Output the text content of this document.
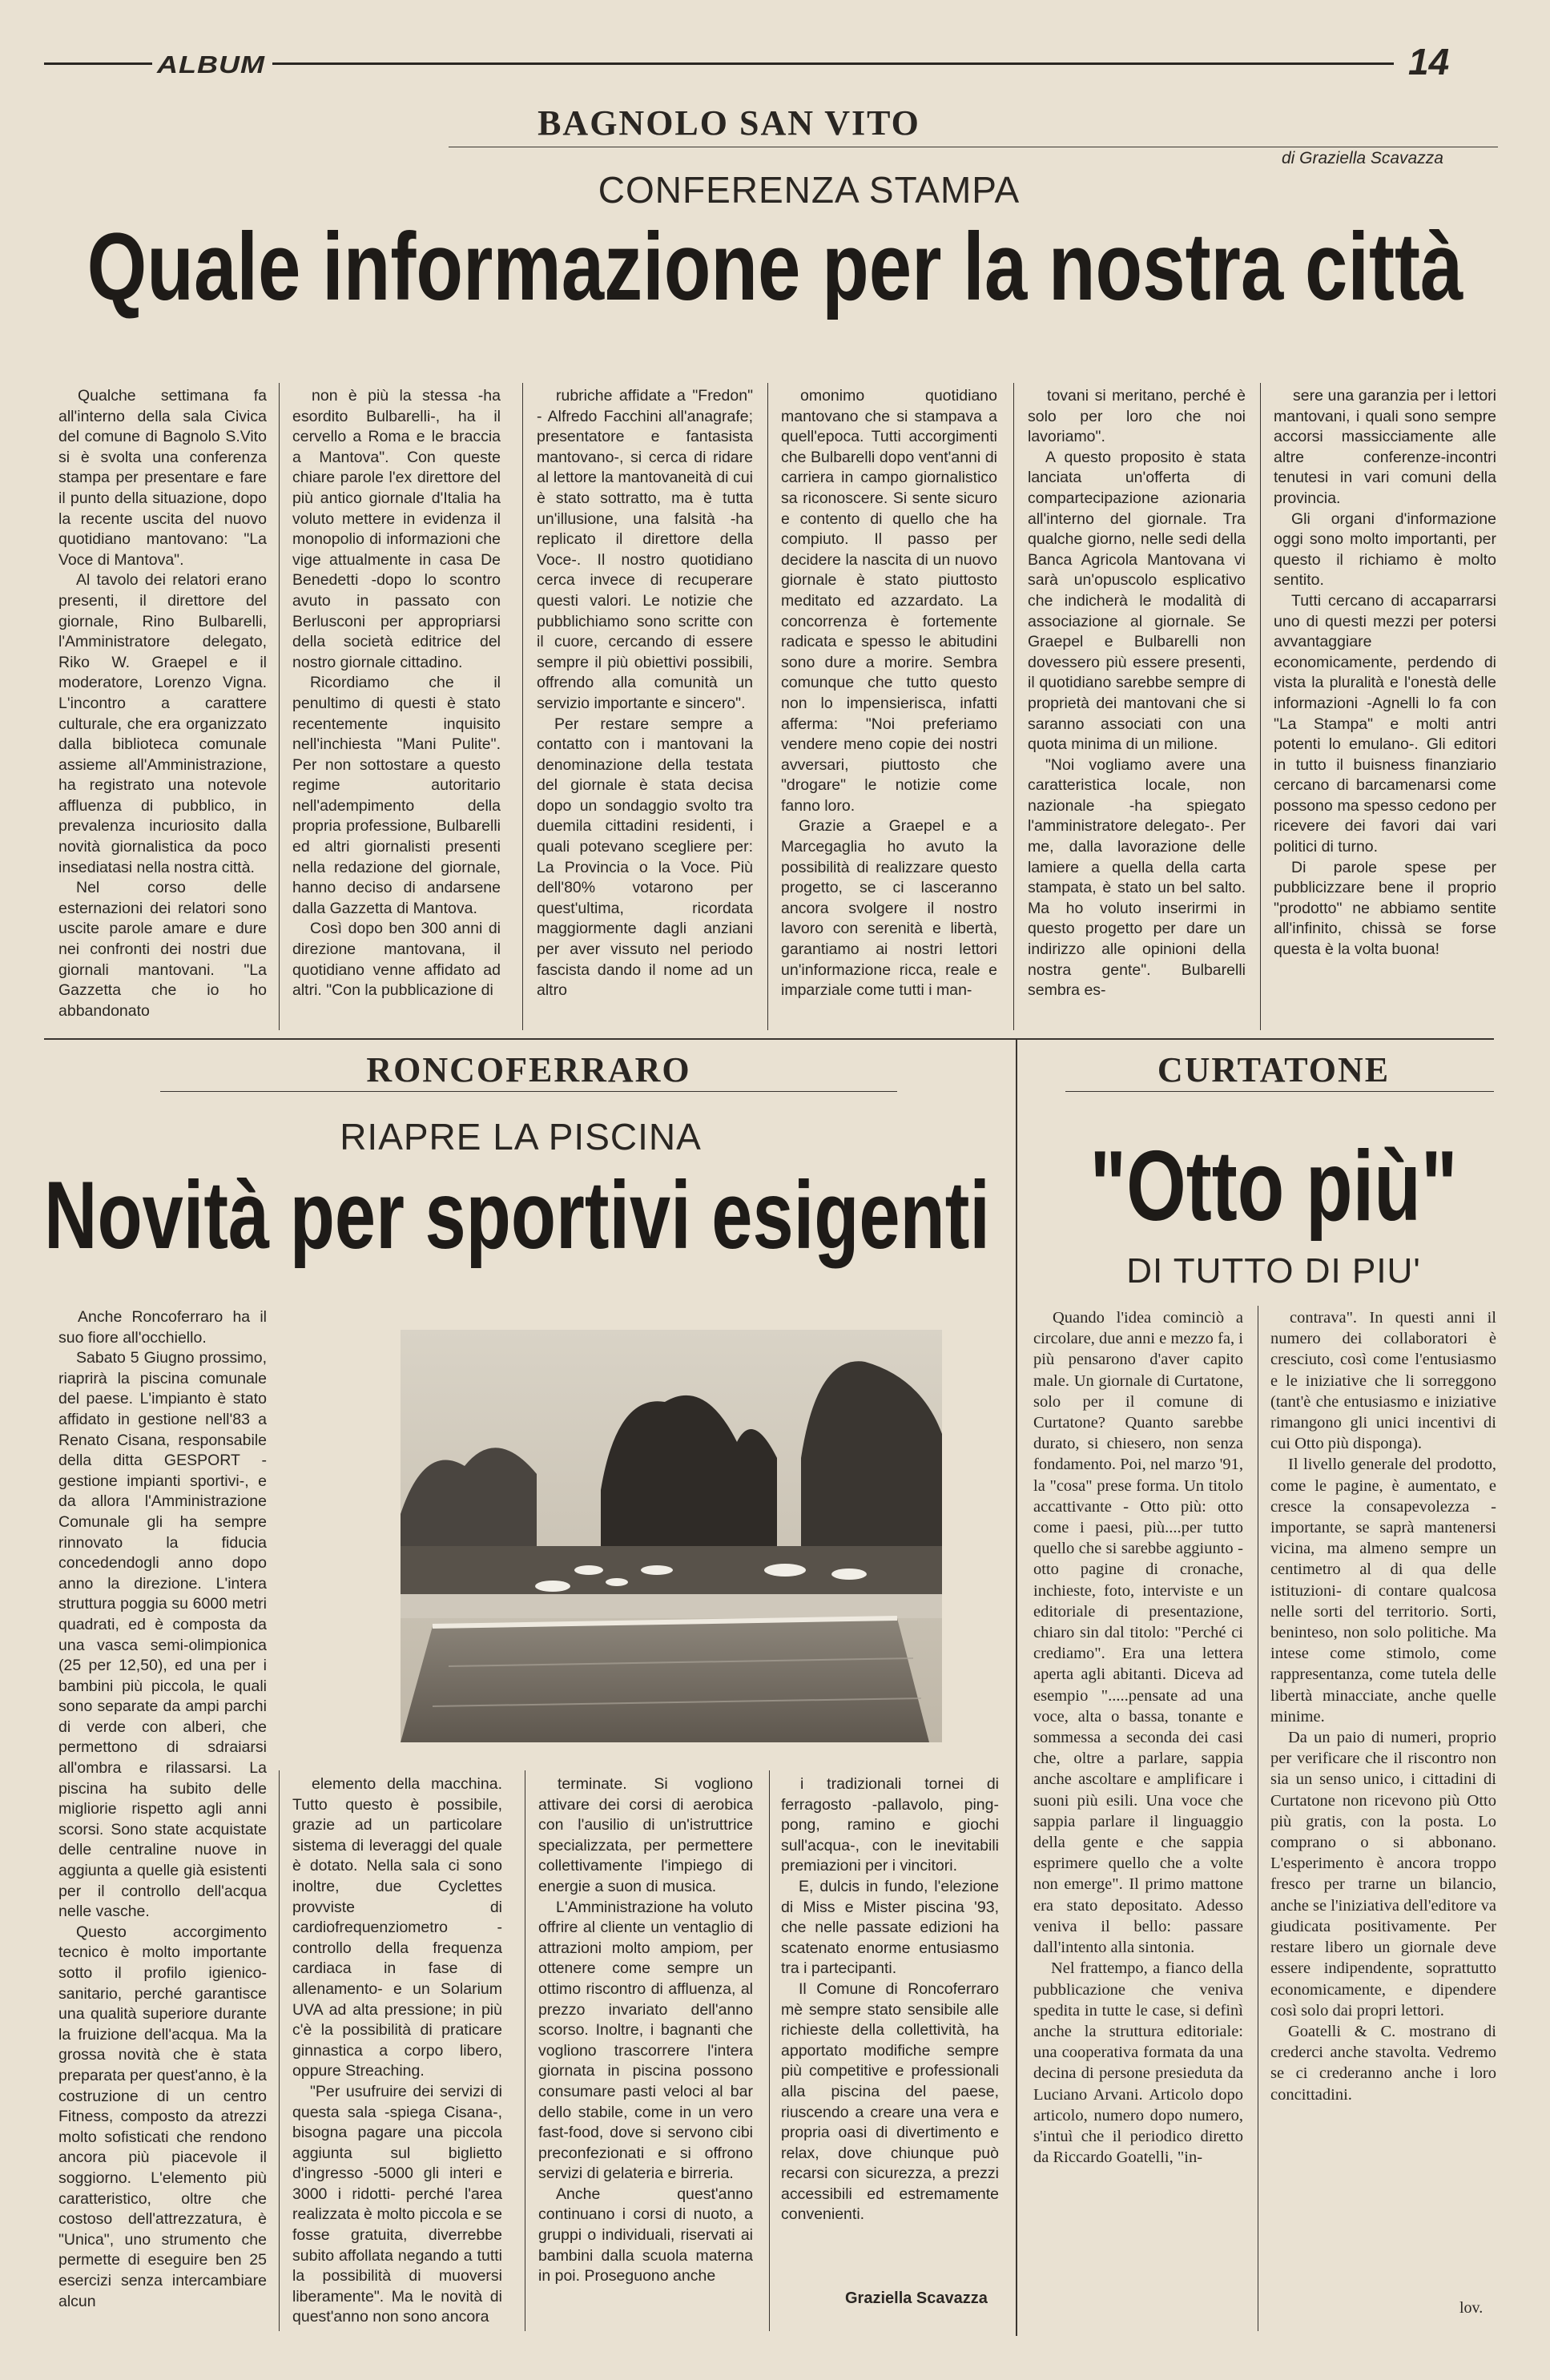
ALBUM	14
BAGNOLO SAN VITO
di Graziella Scavazza
CONFERENZA STAMPA
Quale informazione per la nostra città

Qualche settimana fa all'interno della sala Civica del comune di Bagnolo S.Vito si è svolta una conferenza stampa per presentare e fare il punto della situazione, dopo la recente uscita del nuovo quotidiano mantovano: "La Voce di Mantova".

Al tavolo dei relatori erano presenti, il direttore del giornale, Rino Bulbarelli, l'Amministratore delegato, Riko W. Graepel e il moderatore, Lorenzo Vigna. L'incontro a carattere culturale, che era organizzato dalla biblioteca comunale assieme all'Amministrazione, ha registrato una notevole affluenza di pubblico, in prevalenza incuriosito dalla novità giornalistica da poco insediatasi nella nostra città.

Nel corso delle esternazioni dei relatori sono uscite parole amare e dure nei confronti dei nostri due giornali mantovani. "La Gazzetta che io ho abbandonato

non è più la stessa -ha esordito Bulbarelli-, ha il cervello a Roma e le braccia a Mantova". Con queste chiare parole l'ex direttore del più antico giornale d'Italia ha voluto mettere in evidenza il monopolio di informazioni che vige attualmente in casa De Benedetti -dopo lo scontro avuto in passato con Berlusconi per appropriarsi della società editrice del nostro giornale cittadino.

Ricordiamo che il penultimo di questi è stato recentemente inquisito nell'inchiesta "Mani Pulite". Per non sottostare a questo regime autoritario nell'adempimento della propria professione, Bulbarelli ed altri giornalisti presenti nella redazione del giornale, hanno deciso di andarsene dalla Gazzetta di Mantova.

Così dopo ben 300 anni di direzione mantovana, il quotidiano venne affidato ad altri. "Con la pubblicazione di

rubriche affidate a "Fredon" - Alfredo Facchini all'anagrafe; presentatore e fantasista mantovano-, si cerca di ridare al lettore la mantovaneità di cui è stato sottratto, ma è tutta un'illusione, una falsità -ha replicato il direttore della Voce-. Il nostro quotidiano cerca invece di recuperare questi valori. Le notizie che pubblichiamo sono scritte con il cuore, cercando di essere sempre il più obiettivi possibili, offrendo alla comunità un servizio importante e sincero".

Per restare sempre a contatto con i mantovani la denominazione della testata del giornale è stata decisa dopo un sondaggio svolto tra duemila cittadini residenti, i quali potevano scegliere per: La Provincia o la Voce. Più dell'80% votarono per quest'ultima, ricordata maggiormente dagli anziani per aver vissuto nel periodo fascista dando il nome ad un altro

omonimo quotidiano mantovano che si stampava a quell'epoca. Tutti accorgimenti che Bulbarelli dopo vent'anni di carriera in campo giornalistico sa riconoscere. Si sente sicuro e contento di quello che ha compiuto. Il passo per decidere la nascita di un nuovo giornale è stato piuttosto meditato ed azzardato. La concorrenza è fortemente radicata e spesso le abitudini sono dure a morire. Sembra comunque che tutto questo non lo impensierisca, infatti afferma: "Noi preferiamo vendere meno copie dei nostri avversari, piuttosto che "drogare" le notizie come fanno loro.

Grazie a Graepel e a Marcegaglia ho avuto la possibilità di realizzare questo progetto, se ci lasceranno ancora svolgere il nostro lavoro con serenità e libertà, garantiamo ai nostri lettori un'informazione ricca, reale e imparziale come tutti i man-

tovani si meritano, perché è solo per loro che noi lavoriamo".

A questo proposito è stata lanciata un'offerta di compartecipazione azionaria all'interno del giornale. Tra qualche giorno, nelle sedi della Banca Agricola Mantovana vi sarà un'opuscolo esplicativo che indicherà le modalità di associazione al giornale. Se Graepel e Bulbarelli non dovessero più essere presenti, il quotidiano sarebbe sempre di proprietà dei mantovani che si saranno associati con una quota minima di un milione.

"Noi vogliamo avere una caratteristica locale, non nazionale -ha spiegato l'amministratore delegato-. Per me, dalla lavorazione delle lamiere a quella della carta stampata, è stato un bel salto. Ma ho voluto inserirmi in questo progetto per dare un indirizzo alle opinioni della nostra gente". Bulbarelli sembra es-

sere una garanzia per i lettori mantovani, i quali sono sempre accorsi massicciamente alle altre conferenze-incontri tenutesi in vari comuni della provincia.

Gli organi d'informazione oggi sono molto importanti, per questo il richiamo è molto sentito.

Tutti cercano di accaparrarsi uno di questi mezzi per potersi avvantaggiare economicamente, perdendo di vista la pluralità e l'onestà delle informazioni -Agnelli lo fa con "La Stampa" e molti antri potenti lo emulano-. Gli editori in tutto il buisness finanziario cercano di barcamenarsi come possono ma spesso cedono per ricevere dei favori dai vari politici di turno.

Di parole spese per pubblicizzare bene il proprio "prodotto" ne abbiamo sentite all'infinito, chissà se forse questa è la volta buona!

RONCOFERRARO
RIAPRE LA PISCINA
Novità per sportivi esigenti

Anche Roncoferraro ha il suo fiore all'occhiello.

Sabato 5 Giugno prossimo, riaprirà la piscina comunale del paese. L'impianto è stato affidato in gestione nell'83 a Renato Cisana, responsabile della ditta GESPORT -gestione impianti sportivi-, e da allora l'Amministrazione Comunale gli ha sempre rinnovato la fiducia concedendogli anno dopo anno la direzione. L'intera struttura poggia su 6000 metri quadrati, ed è composta da una vasca semi-olimpionica (25 per 12,50), ed una per i bambini più piccola, le quali sono separate da ampi parchi di verde con alberi, che permettono di sdraiarsi all'ombra e rilassarsi. La piscina ha subito delle migliorie rispetto agli anni scorsi. Sono state acquistate delle centraline nuove in aggiunta a quelle già esistenti per il controllo dell'acqua nelle vasche.

Questo accorgimento tecnico è molto importante sotto il profilo igienico-sanitario, perché garantisce una qualità superiore durante la fruizione dell'acqua. Ma la grossa novità che è stata preparata per quest'anno, è la costruzione di un centro Fitness, composto da atrezzi molto sofisticati che rendono ancora più piacevole il soggiorno. L'elemento più caratteristico, oltre che costoso dell'attrezzatura, è "Unica", uno strumento che permette di eseguire ben 25 esercizi senza intercambiare alcun

elemento della macchina. Tutto questo è possibile, grazie ad un particolare sistema di leveraggi del quale è dotato. Nella sala ci sono inoltre, due Cyclettes provviste di cardiofrequenziometro -controllo della frequenza cardiaca in fase di allenamento- e un Solarium UVA ad alta pressione; in più c'è la possibilità di praticare ginnastica a corpo libero, oppure Streaching.

"Per usufruire dei servizi di questa sala -spiega Cisana-, bisogna pagare una piccola aggiunta sul biglietto d'ingresso -5000 gli interi e 3000 i ridotti- perché l'area realizzata è molto piccola e se fosse gratuita, diverrebbe subito affollata negando a tutti la possibilità di muoversi liberamente". Ma le novità di quest'anno non sono ancora

terminate. Si vogliono attivare dei corsi di aerobica con l'ausilio di un'istruttrice specializzata, per permettere collettivamente l'impiego di energie a suon di musica.

L'Amministrazione ha voluto offrire al cliente un ventaglio di attrazioni molto ampiom, per ottenere come sempre un ottimo riscontro di affluenza, al prezzo invariato dell'anno scorso. Inoltre, i bagnanti che vogliono trascorrere l'intera giornata in piscina possono consumare pasti veloci al bar dello stabile, come in un vero fast-food, dove si servono cibi preconfezionati e si offrono servizi di gelateria e birreria.

Anche quest'anno continuano i corsi di nuoto, a gruppi o individuali, riservati ai bambini dalla scuola materna in poi. Proseguono anche

i tradizionali tornei di ferragosto -pallavolo, ping-pong, ramino e giochi sull'acqua-, con le inevitabili premiazioni per i vincitori.

E, dulcis in fundo, l'elezione di Miss e Mister piscina '93, che nelle passate edizioni ha scatenato enorme entusiasmo tra i partecipanti.

Il Comune di Roncoferraro mè sempre stato sensibile alle richieste della collettività, ha apportato modifiche sempre più competitive e professionali alla piscina del paese, riuscendo a creare una vera e propria oasi di divertimento e relax, dove chiunque può recarsi con sicurezza, a prezzi accessibili ed estremamente convenienti.

Graziella Scavazza
CURTATONE
"Otto più"
DI TUTTO DI PIU'

Quando l'idea cominciò a circolare, due anni e mezzo fa, i più pensarono d'aver capito male. Un giornale di Curtatone, solo per il comune di Curtatone? Quanto sarebbe durato, si chiesero, non senza fondamento. Poi, nel marzo '91, la "cosa" prese forma. Un titolo accattivante - Otto più: otto come i paesi, più....per tutto quello che si sarebbe aggiunto - otto pagine di cronache, inchieste, foto, interviste e un editoriale di presentazione, chiaro sin dal titolo: "Perché ci crediamo". Era una lettera aperta agli abitanti. Diceva ad esempio ".....pensate ad una voce, alta o bassa, tonante e sommessa a seconda dei casi che, oltre a parlare, sappia anche ascoltare e amplificare i suoni più esili. Una voce che sappia parlare il linguaggio della gente e che sappia esprimere quello che a volte non emerge". Il primo mattone era stato depositato. Adesso veniva il bello: passare dall'intento alla sintonia.

Nel frattempo, a fianco della pubblicazione che veniva spedita in tutte le case, si definì anche la struttura editoriale: una cooperativa formata da una decina di persone presieduta da Luciano Arvani. Articolo dopo articolo, numero dopo numero, s'intuì che il periodico diretto da Riccardo Goatelli, "in-

contrava". In questi anni il numero dei collaboratori è cresciuto, così come l'entusiasmo e le iniziative che li sorreggono (tant'è che entusiasmo e iniziative rimangono gli unici incentivi di cui Otto più disponga).

Il livello generale del prodotto, come le pagine, è aumentato, e cresce la consapevolezza -importante, se saprà mantenersi vicina, ma almeno sempre un centimetro al di qua delle istituzioni- di contare qualcosa nelle sorti del territorio. Sorti, beninteso, non solo politiche. Ma intese come stimolo, come rappresentanza, come tutela delle libertà minacciate, anche quelle minime.

Da un paio di numeri, proprio per verificare che il riscontro non sia un senso unico, i cittadini di Curtatone non ricevono più Otto più gratis, con la posta. Lo comprano o si abbonano. L'esperimento è ancora troppo fresco per trarne un bilancio, anche se l'iniziativa dell'editore va giudicata positivamente. Per restare libero un giornale deve essere indipendente, soprattutto economicamente, e dipendere così solo dai propri lettori.

Goatelli & C. mostrano di crederci anche stavolta. Vedremo se ci crederanno anche i loro concittadini.

lov.
